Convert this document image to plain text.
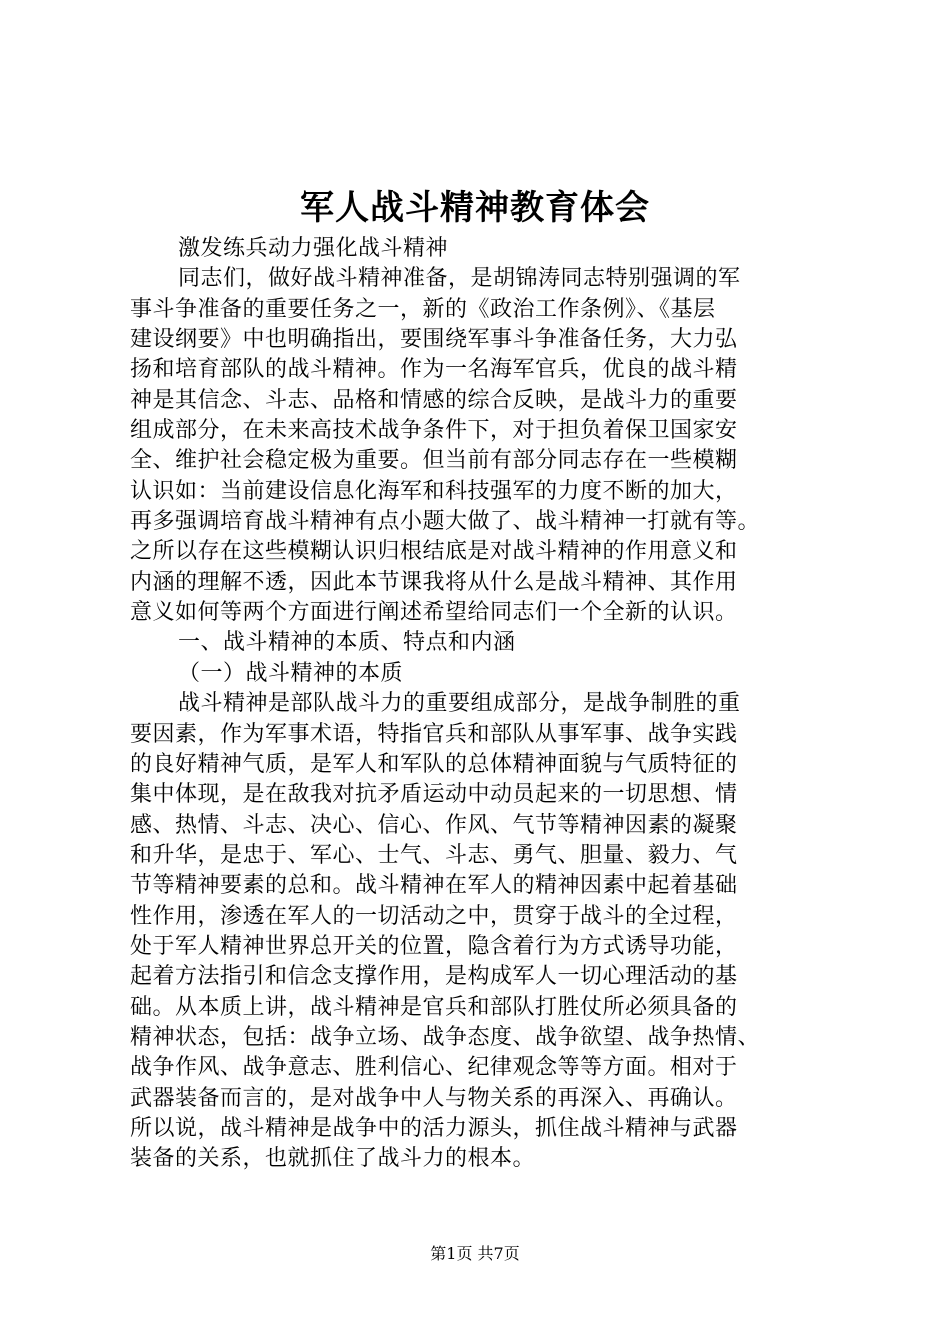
军人战斗精神教育体会
激发练兵动力强化战斗精神
同志们，做好战斗精神准备，是胡锦涛同志特别强调的军
事斗争准备的重要任务之一，新的《政治工作条例》、《基层
建设纲要》中也明确指出，要围绕军事斗争准备任务，大力弘
扬和培育部队的战斗精神。作为一名海军官兵，优良的战斗精
神是其信念、斗志、品格和情感的综合反映，是战斗力的重要
组成部分，在未来高技术战争条件下，对于担负着保卫国家安
全、维护社会稳定极为重要。但当前有部分同志存在一些模糊
认识如：当前建设信息化海军和科技强军的力度不断的加大，
再多强调培育战斗精神有点小题大做了、战斗精神一打就有等。
之所以存在这些模糊认识归根结底是对战斗精神的作用意义和
内涵的理解不透，因此本节课我将从什么是战斗精神、其作用
意义如何等两个方面进行阐述希望给同志们一个全新的认识。
一、战斗精神的本质、特点和内涵
（一）战斗精神的本质
战斗精神是部队战斗力的重要组成部分，是战争制胜的重
要因素，作为军事术语，特指官兵和部队从事军事、战争实践
的良好精神气质，是军人和军队的总体精神面貌与气质特征的
集中体现，是在敌我对抗矛盾运动中动员起来的一切思想、情
感、热情、斗志、决心、信心、作风、气节等精神因素的凝聚
和升华，是忠于、军心、士气、斗志、勇气、胆量、毅力、气
节等精神要素的总和。战斗精神在军人的精神因素中起着基础
性作用，渗透在军人的一切活动之中，贯穿于战斗的全过程，
处于军人精神世界总开关的位置，隐含着行为方式诱导功能，
起着方法指引和信念支撑作用，是构成军人一切心理活动的基
础。从本质上讲，战斗精神是官兵和部队打胜仗所必须具备的
精神状态，包括：战争立场、战争态度、战争欲望、战争热情、
战争作风、战争意志、胜利信心、纪律观念等等方面。相对于
武器装备而言的，是对战争中人与物关系的再深入、再确认。
所以说，战斗精神是战争中的活力源头，抓住战斗精神与武器
装备的关系，也就抓住了战斗力的根本。
第1页 共7页
